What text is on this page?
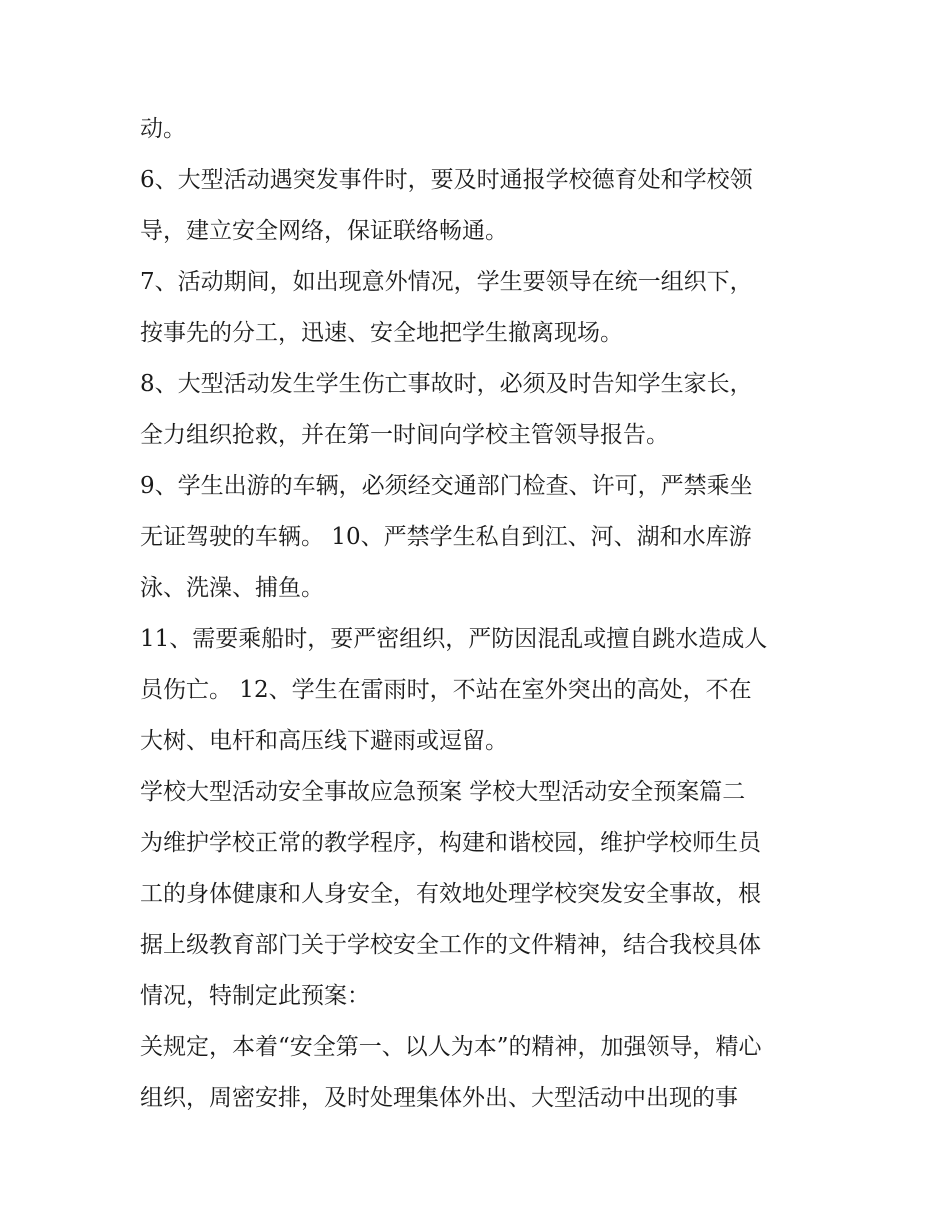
动。
6、大型活动遇突发事件时，要及时通报学校德育处和学校领
导，建立安全网络，保证联络畅通。
7、活动期间，如出现意外情况，学生要领导在统一组织下，
按事先的分工，迅速、安全地把学生撤离现场。
8、大型活动发生学生伤亡事故时，必须及时告知学生家长，
全力组织抢救，并在第一时间向学校主管领导报告。
9、学生出游的车辆，必须经交通部门检查、许可，严禁乘坐
无证驾驶的车辆。 10、严禁学生私自到江、河、湖和水库游
泳、洗澡、捕鱼。
11、需要乘船时，要严密组织，严防因混乱或擅自跳水造成人
员伤亡。 12、学生在雷雨时，不站在室外突出的高处，不在
大树、电杆和高压线下避雨或逗留。
学校大型活动安全事故应急预案 学校大型活动安全预案篇二
为维护学校正常的教学程序，构建和谐校园，维护学校师生员
工的身体健康和人身安全，有效地处理学校突发安全事故，根
据上级教育部门关于学校安全工作的文件精神，结合我校具体
情况，特制定此预案：
关规定，本着“安全第一、以人为本”的精神，加强领导，精心
组织，周密安排，及时处理集体外出、大型活动中出现的事
